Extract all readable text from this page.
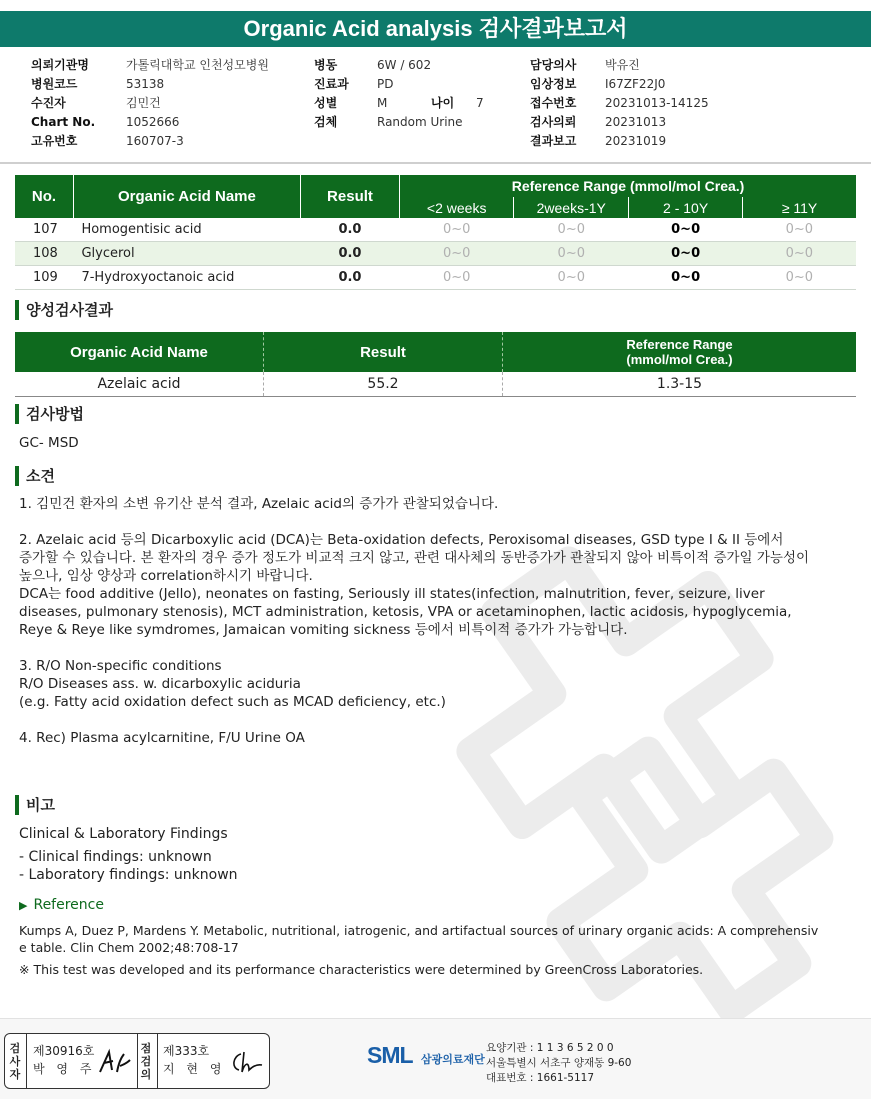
Organic Acid analysis 검사결과보고서
의뢰기관명	가톨릭대학교 인천성모병원
병원코드	53138
수진자	김민건
Chart No.	1052666
고유번호	160707-3
병동	6W / 602
진료과 PD
성별	M	나이 7
검체	Random Urine
담당의사 박유진
임상정보 I67ZF22J0
접수번호 20231013-14125
검사의뢰 20231013
결과보고 20231019
No.	Organic Acid Name	Result	Reference Range (mmol/mol Crea.)			
			<2 weeks	2weeks-1Y	2 - 10Y	≥ 11Y
107	Homogentisic acid	0.0	0~0	0~0	0~0	0~0
108	Glycerol	0.0	0~0	0~0	0~0	0~0
109	7-Hydroxyoctanoic acid	0.0	0~0	0~0	0~0	0~0
양성검사결과
Organic Acid Name	Result	Reference Range
(mmol/mol Crea.)

Azelaic acid	55.2	1.3-15
검사방법
GC- MSD
소견

1. 김민건 환자의 소변 유기산 분석 결과, Azelaic acid의 증가가 관찰되었습니다.

2. Azelaic acid 등의 Dicarboxylic acid (DCA)는 Beta-oxidation defects, Peroxisomal diseases, GSD type I & II 등에서

증가할 수 있습니다. 본 환자의 경우 증가 정도가 비교적 크지 않고, 관련 대사체의 동반증가가 관찰되지 않아 비특이적 증가일 가능성이

높으나, 임상 양상과 correlation하시기 바랍니다.

DCA는 food additive (Jello), neonates on fasting, Seriously ill states(infection, malnutrition, fever, seizure, liver

diseases, pulmonary stenosis), MCT administration, ketosis, VPA or acetaminophen, lactic acidosis, hypoglycemia,

Reye & Reye like symdromes, Jamaican vomiting sickness 등에서 비특이적 증가가 가능합니다.

3. R/O Non-specific conditions

R/O Diseases ass. w. dicarboxylic aciduria

(e.g. Fatty acid oxidation defect such as MCAD deficiency, etc.)

4. Rec) Plasma acylcarnitine, F/U Urine OA

비고

Clinical & Laboratory Findings

- Clinical findings: unknown

- Laboratory findings: unknown

▶ Reference

Kumps A, Duez P, Mardens Y. Metabolic, nutritional, iatrogenic, and artifactual sources of urinary organic acids: A comprehensiv

e table. Clin Chem 2002;48:708-17

※ This test was developed and its performance characteristics were determined by GreenCross Laboratories.
검사자
제30916호
박 영 주
점검의
제333호
지 현 영
SML 삼광의료재단
요양기관 : 1 1 3 6 5 2 0 0
서울특별시 서초구 양재동 9-60
대표번호 : 1661-5117
